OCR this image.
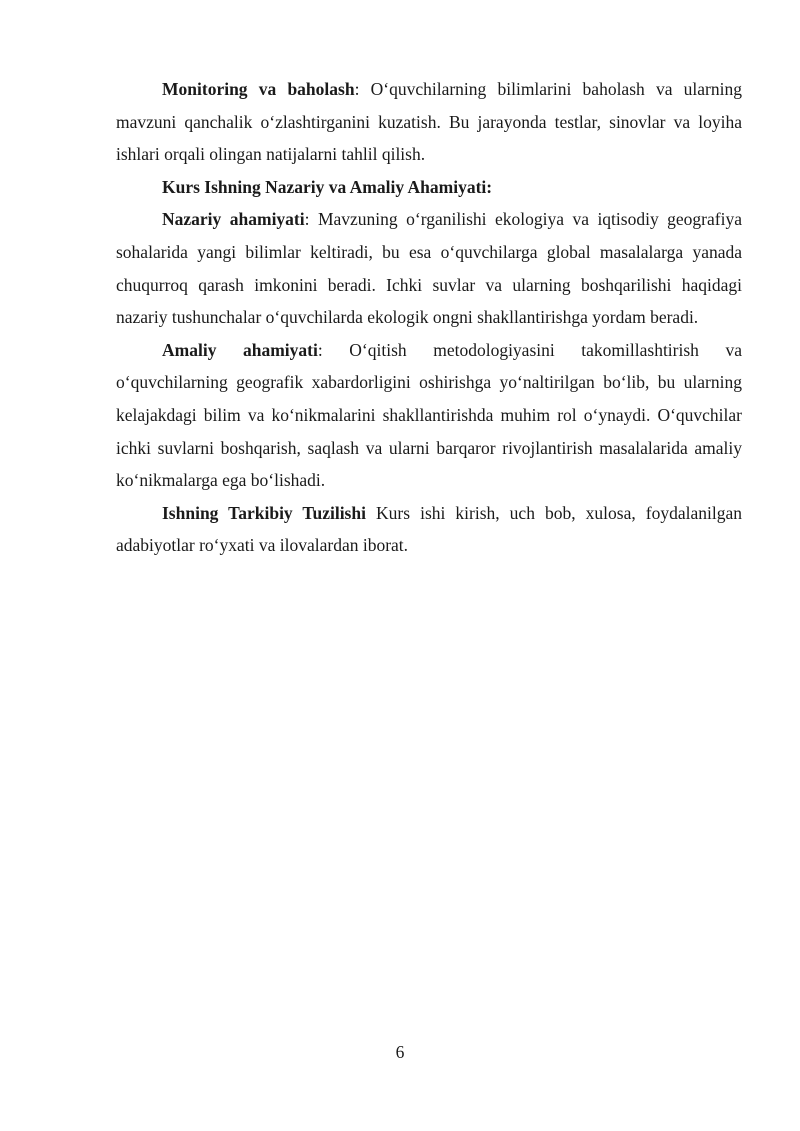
Monitoring va baholash: O‘quvchilarning bilimlarini baholash va ularning mavzuni qanchalik o‘zlashtirganini kuzatish. Bu jarayonda testlar, sinovlar va loyiha ishlari orqali olingan natijalarni tahlil qilish.

Kurs Ishning Nazariy va Amaliy Ahamiyati:

Nazariy ahamiyati: Mavzuning o‘rganilishi ekologiya va iqtisodiy geografiya sohalarida yangi bilimlar keltiradi, bu esa o‘quvchilarga global masalalarga yanada chuqurroq qarash imkonini beradi. Ichki suvlar va ularning boshqarilishi haqidagi nazariy tushunchalar o‘quvchilarda ekologik ongni shakllantirishga yordam beradi.

Amaliy ahamiyati: O‘qitish metodologiyasini takomillashtirish va o‘quvchilarning geografik xabardorligini oshirishga yo‘naltirilgan bo‘lib, bu ularning kelajakdagi bilim va ko‘nikmalarini shakllantirishda muhim rol o‘ynaydi. O‘quvchilar ichki suvlarni boshqarish, saqlash va ularni barqaror rivojlantirish masalalarida amaliy ko‘nikmalarga ega bo‘lishadi.

Ishning Tarkibiy Tuzilishi Kurs ishi kirish, uch bob, xulosa, foydalanilgan adabiyotlar ro‘yxati va ilovalardan iborat.

6
